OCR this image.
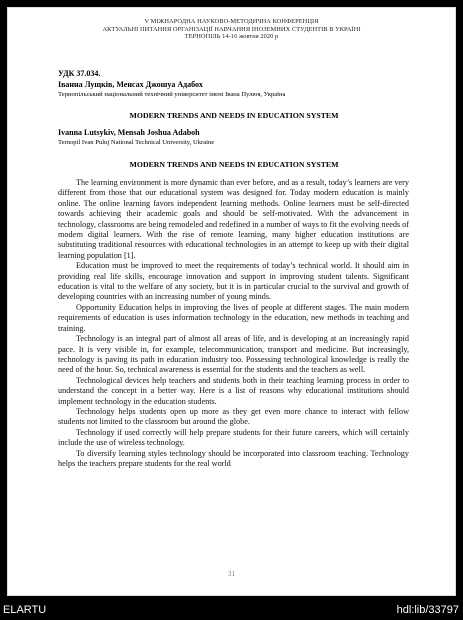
V МІЖНАРОДНА НАУКОВО-МЕТОДИЧНА КОНФЕРЕНЦІЯ
АКТУАЛЬНІ ПИТАННЯ ОРГАНІЗАЦІЇ НАВЧАННЯ ІНОЗЕМНИХ СТУДЕНТІВ В УКРАЇНІ
ТЕРНОПІЛЬ 14-16 жовтня 2020 р
УДК 37.034.
Іванна Лущків, Менсах Джошуа Адабох
Тернопільський національний технічний університет імені Івана Пулюя, Україна
MODERN TRENDS AND NEEDS IN EDUCATION SYSTEM
Ivanna Lutsykiv, Mensah Joshua Adaboh
Ternopil Ivan Puluj National Technical University, Ukraine
MODERN TRENDS AND NEEDS IN EDUCATION SYSTEM

The learning environment is more dynamic than ever before, and as a result, today’s learners are very different from those that our educational system was designed for. Today modern education is mainly online. The online learning favors independent learning methods. Online learners must be self-directed towards achieving their academic goals and should be self-motivated. With the advancement in technology, classrooms are being remodeled and redefined in a number of ways to fit the evolving needs of modern digital learners. With the rise of remote learning, many higher education institutions are substituting traditional resources with educational technologies in an attempt to keep up with their digital learning population [1].

Education must be improved to meet the requirements of today’s technical world. It should aim in providing real life skills, encourage innovation and support in improving student talents. Significant education is vital to the welfare of any society, but it is in particular crucial to the survival and growth of developing countries with an increasing number of young minds.

Opportunity Education helps in improving the lives of people at different stages. The main modern requirements of education is uses information technology in the education, new methods in teaching and training.

Technology is an integral part of almost all areas of life, and is developing at an increasingly rapid pace. It is very visible in, for example, telecommunication, transport and medicine. But increasingly, technology is paving its path in education industry too. Possessing technological knowledge is really the need of the hour. So, technical awareness is essential for the students and the teachers as well.

Technological devices help teachers and students both in their teaching learning process in order to understand the concept in a better way. Here is a list of reasons why educational institutions should implement technology in the education students.

Technology helps students open up more as they get even more chance to interact with fellow students not limited to the classroom but around the globe.

Technology if used correctly will help prepare students for their future careers, which will certainly include the use of wireless technology.

To diversify learning styles technology should be incorporated into classroom teaching. Technology helps the teachers prepare students for the real world

31
ELARTU	hdl:lib/33797
